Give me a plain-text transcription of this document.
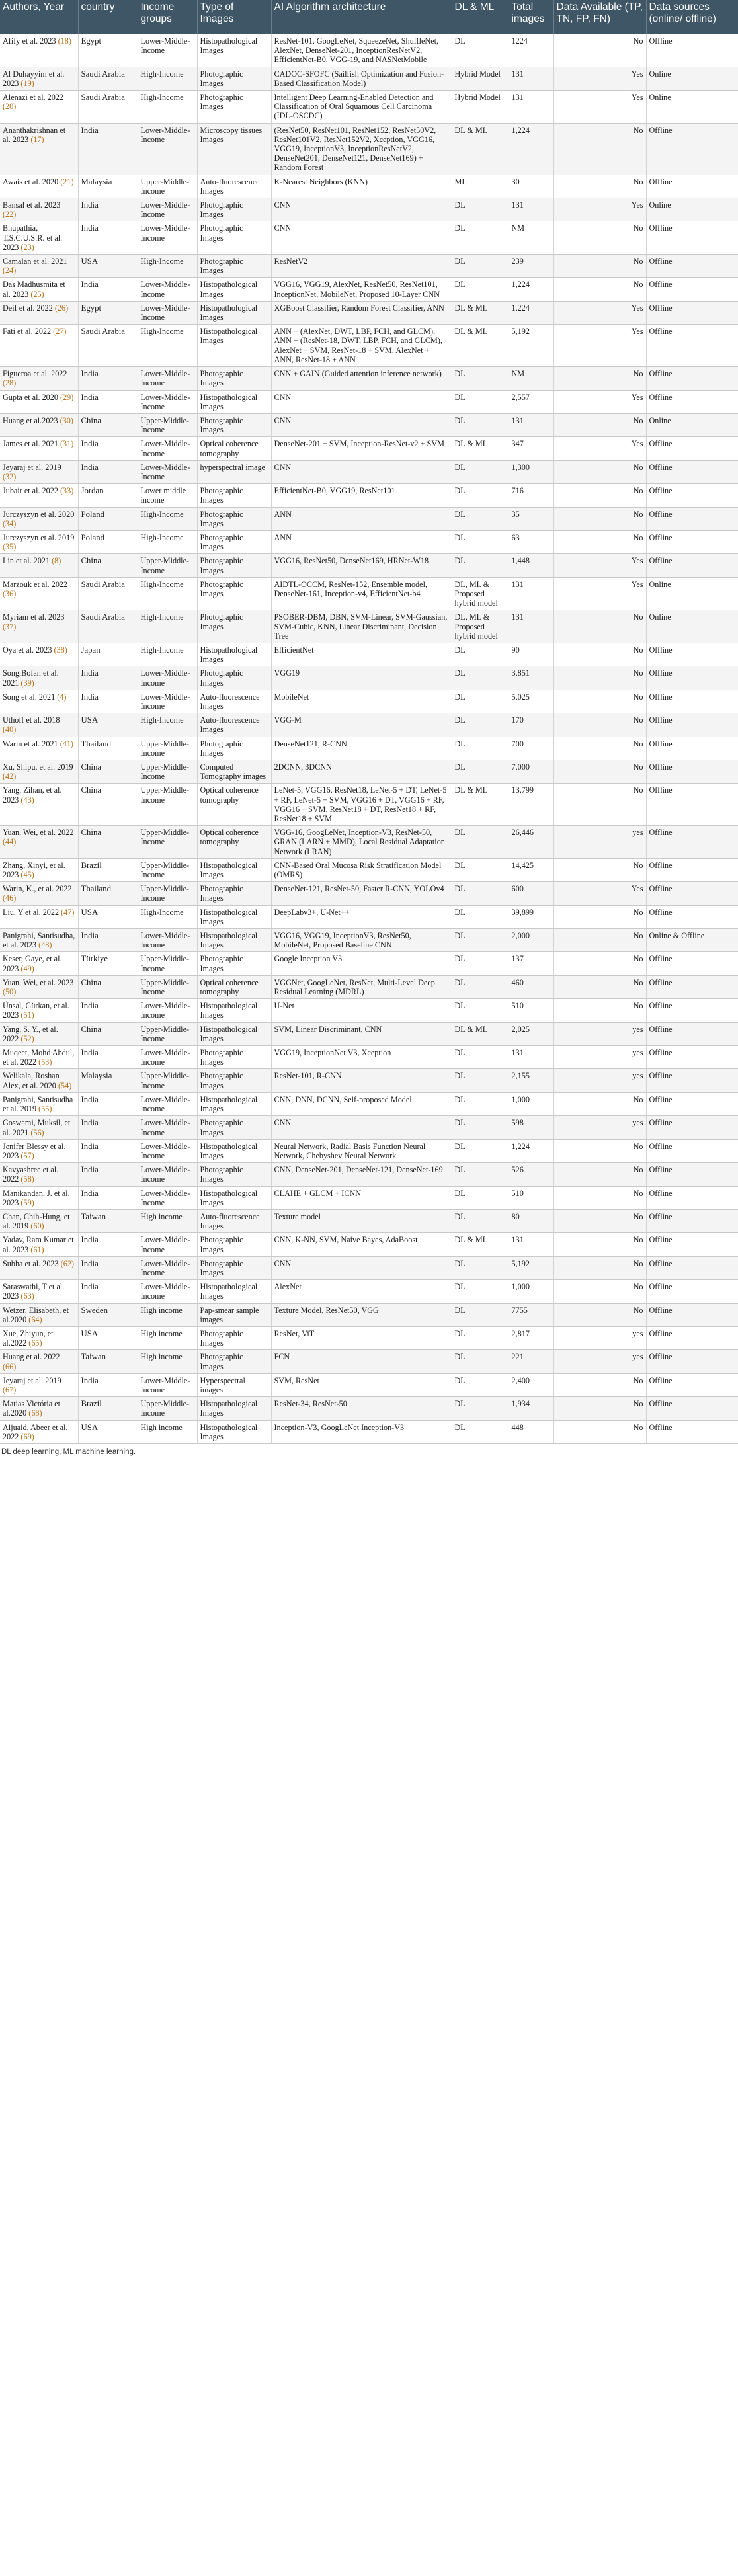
Authors, Year	country	Income groups	Type of Images	AI Algorithm architecture	DL & ML	Total images	Data Available (TP, TN, FP, FN)	Data sources (online/ offline)
Afify et al. 2023 (18)	Egypt	Lower-Middle-Income	Histopathological Images	ResNet-101, GoogLeNet, SqueezeNet, ShuffleNet, AlexNet, DenseNet-201, InceptionResNetV2, EfficientNet-B0, VGG-19, and NASNetMobile	DL	1224	No	Offline
Al Duhayyim et al. 2023 (19)	Saudi Arabia	High-Income	Photographic Images	CADOC-SFOFC (Sailfish Optimization and Fusion-Based Classification Model)	Hybrid Model	131	Yes	Online
Alenazi et al. 2022 (20)	Saudi Arabia	High-Income	Photographic Images	Intelligent Deep Learning-Enabled Detection and Classification of Oral Squamous Cell Carcinoma (IDL-OSCDC)	Hybrid Model	131	Yes	Online
Ananthakrishnan et al. 2023 (17)	India	Lower-Middle-Income	Microscopy tissues Images	(ResNet50, ResNet101, ResNet152, ResNet50V2, ResNet101V2, ResNet152V2, Xception, VGG16, VGG19, InceptionV3, InceptionResNetV2, DenseNet201, DenseNet121, DenseNet169) + Random Forest	DL & ML	1,224	No	Offline
Awais et al. 2020 (21)	Malaysia	Upper-Middle-Income	Auto-fluorescence Images	K-Nearest Neighbors (KNN)	ML	30	No	Offline
Bansal et al. 2023 (22)	India	Lower-Middle-Income	Photographic Images	CNN	DL	131	Yes	Online
Bhupathia, T.S.C.U.S.R. et al. 2023 (23)	India	Lower-Middle-Income	Photographic Images	CNN	DL	NM	No	Offline
Camalan et al. 2021 (24)	USA	High-Income	Photographic Images	ResNetV2	DL	239	No	Offline
Das Madhusmita et al. 2023 (25)	India	Lower-Middle-Income	Histopathological Images	VGG16, VGG19, AlexNet, ResNet50, ResNet101, InceptionNet, MobileNet, Proposed 10-Layer CNN	DL	1,224	No	Offline
Deif et al. 2022 (26)	Egypt	Lower-Middle-Income	Histopathological Images	XGBoost Classifier, Random Forest Classifier, ANN	DL & ML	1,224	Yes	Offline
Fati et al. 2022 (27)	Saudi Arabia	High-Income	Histopathological Images	ANN + (AlexNet, DWT, LBP, FCH, and GLCM), ANN + (ResNet-18, DWT, LBP, FCH, and GLCM), AlexNet + SVM, ResNet-18 + SVM, AlexNet + ANN, ResNet-18 + ANN	DL & ML	5,192	Yes	Offline
Figueroa et al. 2022 (28)	India	Lower-Middle-Income	Photographic Images	CNN + GAIN (Guided attention inference network)	DL	NM	No	Offline
Gupta et al. 2020 (29)	India	Lower-Middle-Income	Histopathological Images	CNN	DL	2,557	Yes	Offline
Huang et al.2023 (30)	China	Upper-Middle-Income	Photographic Images	CNN	DL	131	No	Online
James et al. 2021 (31)	India	Lower-Middle-Income	Optical coherence tomography	DenseNet-201 + SVM, Inception-ResNet-v2 + SVM	DL & ML	347	Yes	Offline
Jeyaraj et al. 2019 (32)	India	Lower-Middle-Income	hyperspectral image	CNN	DL	1,300	No	Offline
Jubair et al. 2022 (33)	Jordan	Lower middle income	Photographic Images	EfficientNet-B0, VGG19, ResNet101	DL	716	No	Offline
Jurczyszyn et al. 2020 (34)	Poland	High-Income	Photographic Images	ANN	DL	35	No	Offline
Jurczyszyn et al. 2019 (35)	Poland	High-Income	Photographic Images	ANN	DL	63	No	Offline
Lin et al. 2021 (8)	China	Upper-Middle-Income	Photographic Images	VGG16, ResNet50, DenseNet169, HRNet-W18	DL	1,448	Yes	Offline
Marzouk et al. 2022 (36)	Saudi Arabia	High-Income	Photographic Images	AIDTL-OCCM, ResNet-152, Ensemble model, DenseNet-161, Inception-v4, EfficientNet-b4	DL, ML & Proposed hybrid model	131	Yes	Online
Myriam et al. 2023 (37)	Saudi Arabia	High-Income	Photographic Images	PSOBER-DBM, DBN, SVM-Linear, SVM-Gaussian, SVM-Cubic, KNN, Linear Discriminant, Decision Tree	DL, ML & Proposed hybrid model	131	No	Online
Oya et al. 2023 (38)	Japan	High-Income	Histopathological Images	EfficientNet	DL	90	No	Offline
Song,Bofan et al. 2021 (39)	India	Lower-Middle-Income	Photographic Images	VGG19	DL	3,851	No	Offline
Song et al. 2021 (4)	India	Lower-Middle-Income	Auto-fluorescence Images	MobileNet	DL	5,025	No	Offline
Uthoff et al. 2018 (40)	USA	High-Income	Auto-fluorescence Images	VGG-M	DL	170	No	Offline
Warin et al. 2021 (41)	Thailand	Upper-Middle-Income	Photographic Images	DenseNet121, R-CNN	DL	700	No	Offline
Xu, Shipu, et al. 2019 (42)	China	Upper-Middle-Income	Computed Tomography images	2DCNN, 3DCNN	DL	7,000	No	Offline
Yang, Zihan, et al. 2023 (43)	China	Upper-Middle-Income	Optical coherence tomography	LeNet-5, VGG16, ResNet18, LeNet-5 + DT, LeNet-5 + RF, LeNet-5 + SVM, VGG16 + DT, VGG16 + RF, VGG16 + SVM, ResNet18 + DT, ResNet18 + RF, ResNet18 + SVM	DL & ML	13,799	No	Offline
Yuan, Wei, et al. 2022 (44)	China	Upper-Middle-Income	Optical coherence tomography	VGG-16, GoogLeNet, Inception-V3, ResNet-50, GRAN (LARN + MMD), Local Residual Adaptation Network (LRAN)	DL	26,446	yes	Offline
Zhang, Xinyi, et al. 2023 (45)	Brazil	Upper-Middle-Income	Histopathological Images	CNN-Based Oral Mucosa Risk Stratification Model (OMRS)	DL	14,425	No	Offline
Warin, K., et al. 2022 (46)	Thailand	Upper-Middle-Income	Photographic Images	DenseNet-121, ResNet-50, Faster R-CNN, YOLOv4	DL	600	Yes	Offline
Liu, Y et al. 2022 (47)	USA	High-Income	Histopathological Images	DeepLabv3+, U-Net++	DL	39,899	No	Offline
Panigrahi, Santisudha, et al. 2023 (48)	India	Lower-Middle-Income	Histopathological Images	VGG16, VGG19, InceptionV3, ResNet50, MobileNet, Proposed Baseline CNN	DL	2,000	No	Online & Offline
Keser, Gaye, et al. 2023 (49)	Türkiye	Upper-Middle-Income	Photographic Images	Google Inception V3	DL	137	No	Offline
Yuan, Wei, et al. 2023 (50)	China	Upper-Middle-Income	Optical coherence tomography	VGGNet, GoogLeNet, ResNet, Multi-Level Deep Residual Learning (MDRL)	DL	460	No	Offline
Ünsal, Gürkan, et al. 2023 (51)	India	Lower-Middle-Income	Histopathological Images	U-Net	DL	510	No	Offline
Yang, S. Y., et al. 2022 (52)	China	Upper-Middle-Income	Histopathological Images	SVM, Linear Discriminant, CNN	DL & ML	2,025	yes	Offline
Muqeet, Mohd Abdul, et al. 2022 (53)	India	Lower-Middle-Income	Photographic Images	VGG19, InceptionNet V3, Xception	DL	131	yes	Offline
Welikala, Roshan Alex, et al. 2020 (54)	Malaysia	Upper-Middle-Income	Photographic Images	ResNet-101, R-CNN	DL	2,155	yes	Offline
Panigrahi, Santisudha et al. 2019 (55)	India	Lower-Middle-Income	Histopathological Images	CNN, DNN, DCNN, Self-proposed Model	DL	1,000	No	Offline
Goswami, Muksil, et al. 2021 (56)	India	Lower-Middle-Income	Photographic Images	CNN	DL	598	yes	Offline
Jenifer Blessy et al. 2023 (57)	India	Lower-Middle-Income	Histopathological Images	Neural Network, Radial Basis Function Neural Network, Chebyshev Neural Network	DL	1,224	No	Offline
Kavyashree et al. 2022 (58)	India	Lower-Middle-Income	Photographic Images	CNN, DenseNet-201, DenseNet-121, DenseNet-169	DL	526	No	Offline
Manikandan, J. et al. 2023 (59)	India	Lower-Middle-Income	Histopathological Images	CLAHE + GLCM + ICNN	DL	510	No	Offline
Chan, Chih-Hung, et al. 2019 (60)	Taiwan	High income	Auto-fluorescence Images	Texture model	DL	80	No	Offline
Yadav, Ram Kumar et al. 2023 (61)	India	Lower-Middle-Income	Photographic Images	CNN, K-NN, SVM, Naive Bayes, AdaBoost	DL & ML	131	No	Offline
Subha et al. 2023 (62)	India	Lower-Middle-Income	Photographic Images	CNN	DL	5,192	No	Offline
Saraswathi, T et al. 2023 (63)	India	Lower-Middle-Income	Histopathological Images	AlexNet	DL	1,000	No	Offline
Wetzer, Elisabeth, et al.2020 (64)	Sweden	High income	Pap-smear sample images	Texture Model, ResNet50, VGG	DL	7755	No	Offline
Xue, Zhiyun, et al.2022 (65)	USA	High income	Photographic Images	ResNet, ViT	DL	2,817	yes	Offline
Huang et al. 2022 (66)	Taiwan	High income	Photographic Images	FCN	DL	221	yes	Offline
Jeyaraj et al. 2019 (67)	India	Lower-Middle-Income	Hyperspectral images	SVM, ResNet	DL	2,400	No	Offline
Matias Victória et al.2020 (68)	Brazil	Upper-Middle-Income	Histopathological Images	ResNet-34, ResNet-50	DL	1,934	No	Offline
Aljuaid, Abeer et al. 2022 (69)	USA	High income	Histopathological Images	Inception-V3, GoogLeNet Inception-V3	DL	448	No	Offline
DL deep learning, ML machine learning.
